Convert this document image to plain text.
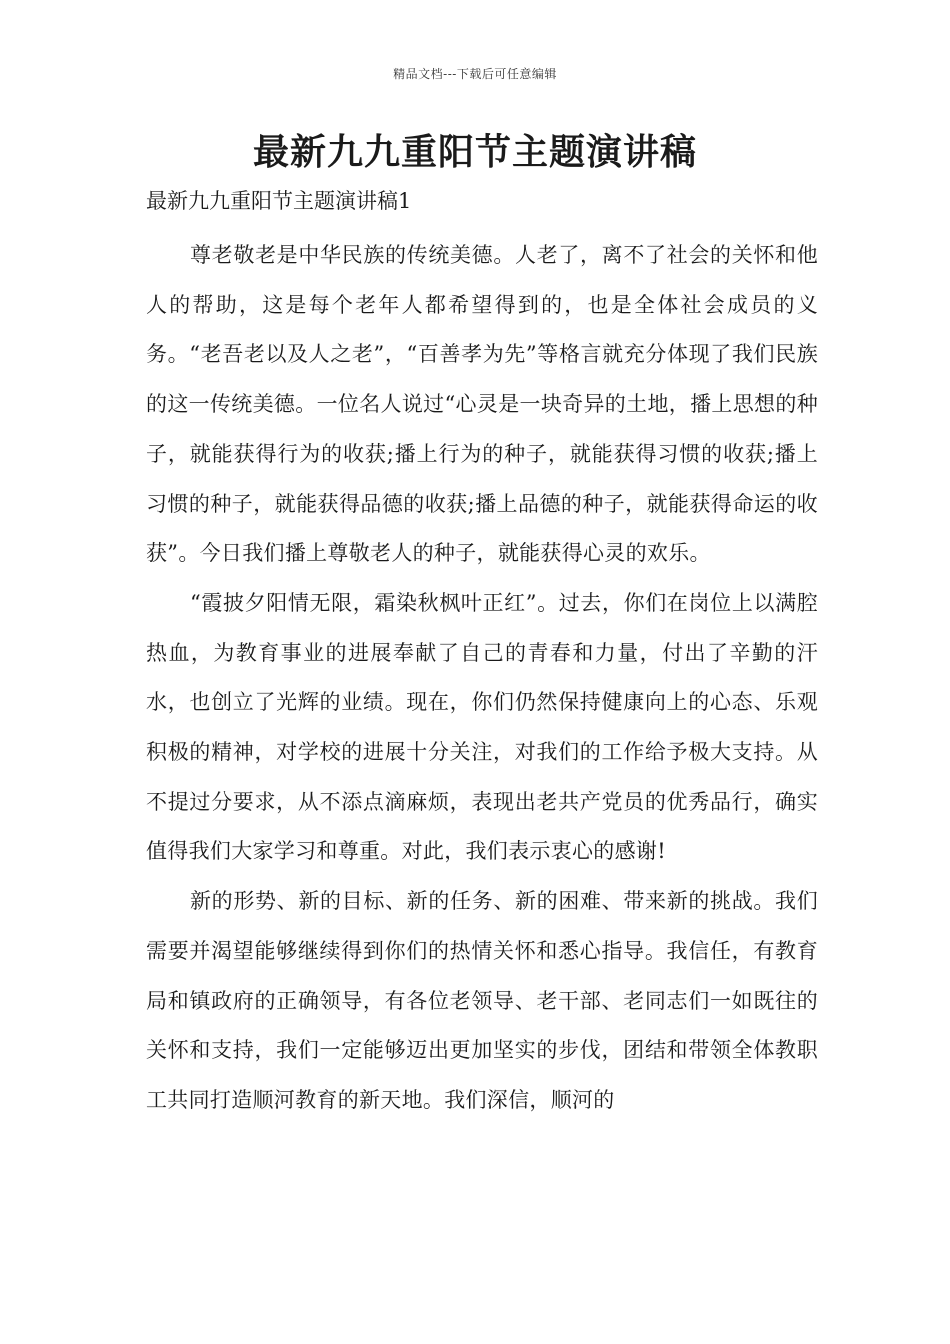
精品文档---下载后可任意编辑
最新九九重阳节主题演讲稿

最新九九重阳节主题演讲稿1

尊老敬老是中华民族的传统美德。人老了，离不了社会的关怀和他人的帮助，这是每个老年人都希望得到的，也是全体社会成员的义务。“老吾老以及人之老”，“百善孝为先”等格言就充分体现了我们民族的这一传统美德。一位名人说过“心灵是一块奇异的土地，播上思想的种子，就能获得行为的收获;播上行为的种子，就能获得习惯的收获;播上习惯的种子，就能获得品德的收获;播上品德的种子，就能获得命运的收获”。今日我们播上尊敬老人的种子，就能获得心灵的欢乐。

“霞披夕阳情无限，霜染秋枫叶正红”。过去，你们在岗位上以满腔热血，为教育事业的进展奉献了自己的青春和力量，付出了辛勤的汗水，也创立了光辉的业绩。现在，你们仍然保持健康向上的心态、乐观积极的精神，对学校的进展十分关注，对我们的工作给予极大支持。从不提过分要求，从不添点滴麻烦，表现出老共产党员的优秀品行，确实值得我们大家学习和尊重。对此，我们表示衷心的感谢!

新的形势、新的目标、新的任务、新的困难、带来新的挑战。我们需要并渴望能够继续得到你们的热情关怀和悉心指导。我信任，有教育局和镇政府的正确领导，有各位老领导、老干部、老同志们一如既往的关怀和支持，我们一定能够迈出更加坚实的步伐，团结和带领全体教职工共同打造顺河教育的新天地。我们深信，顺河的
